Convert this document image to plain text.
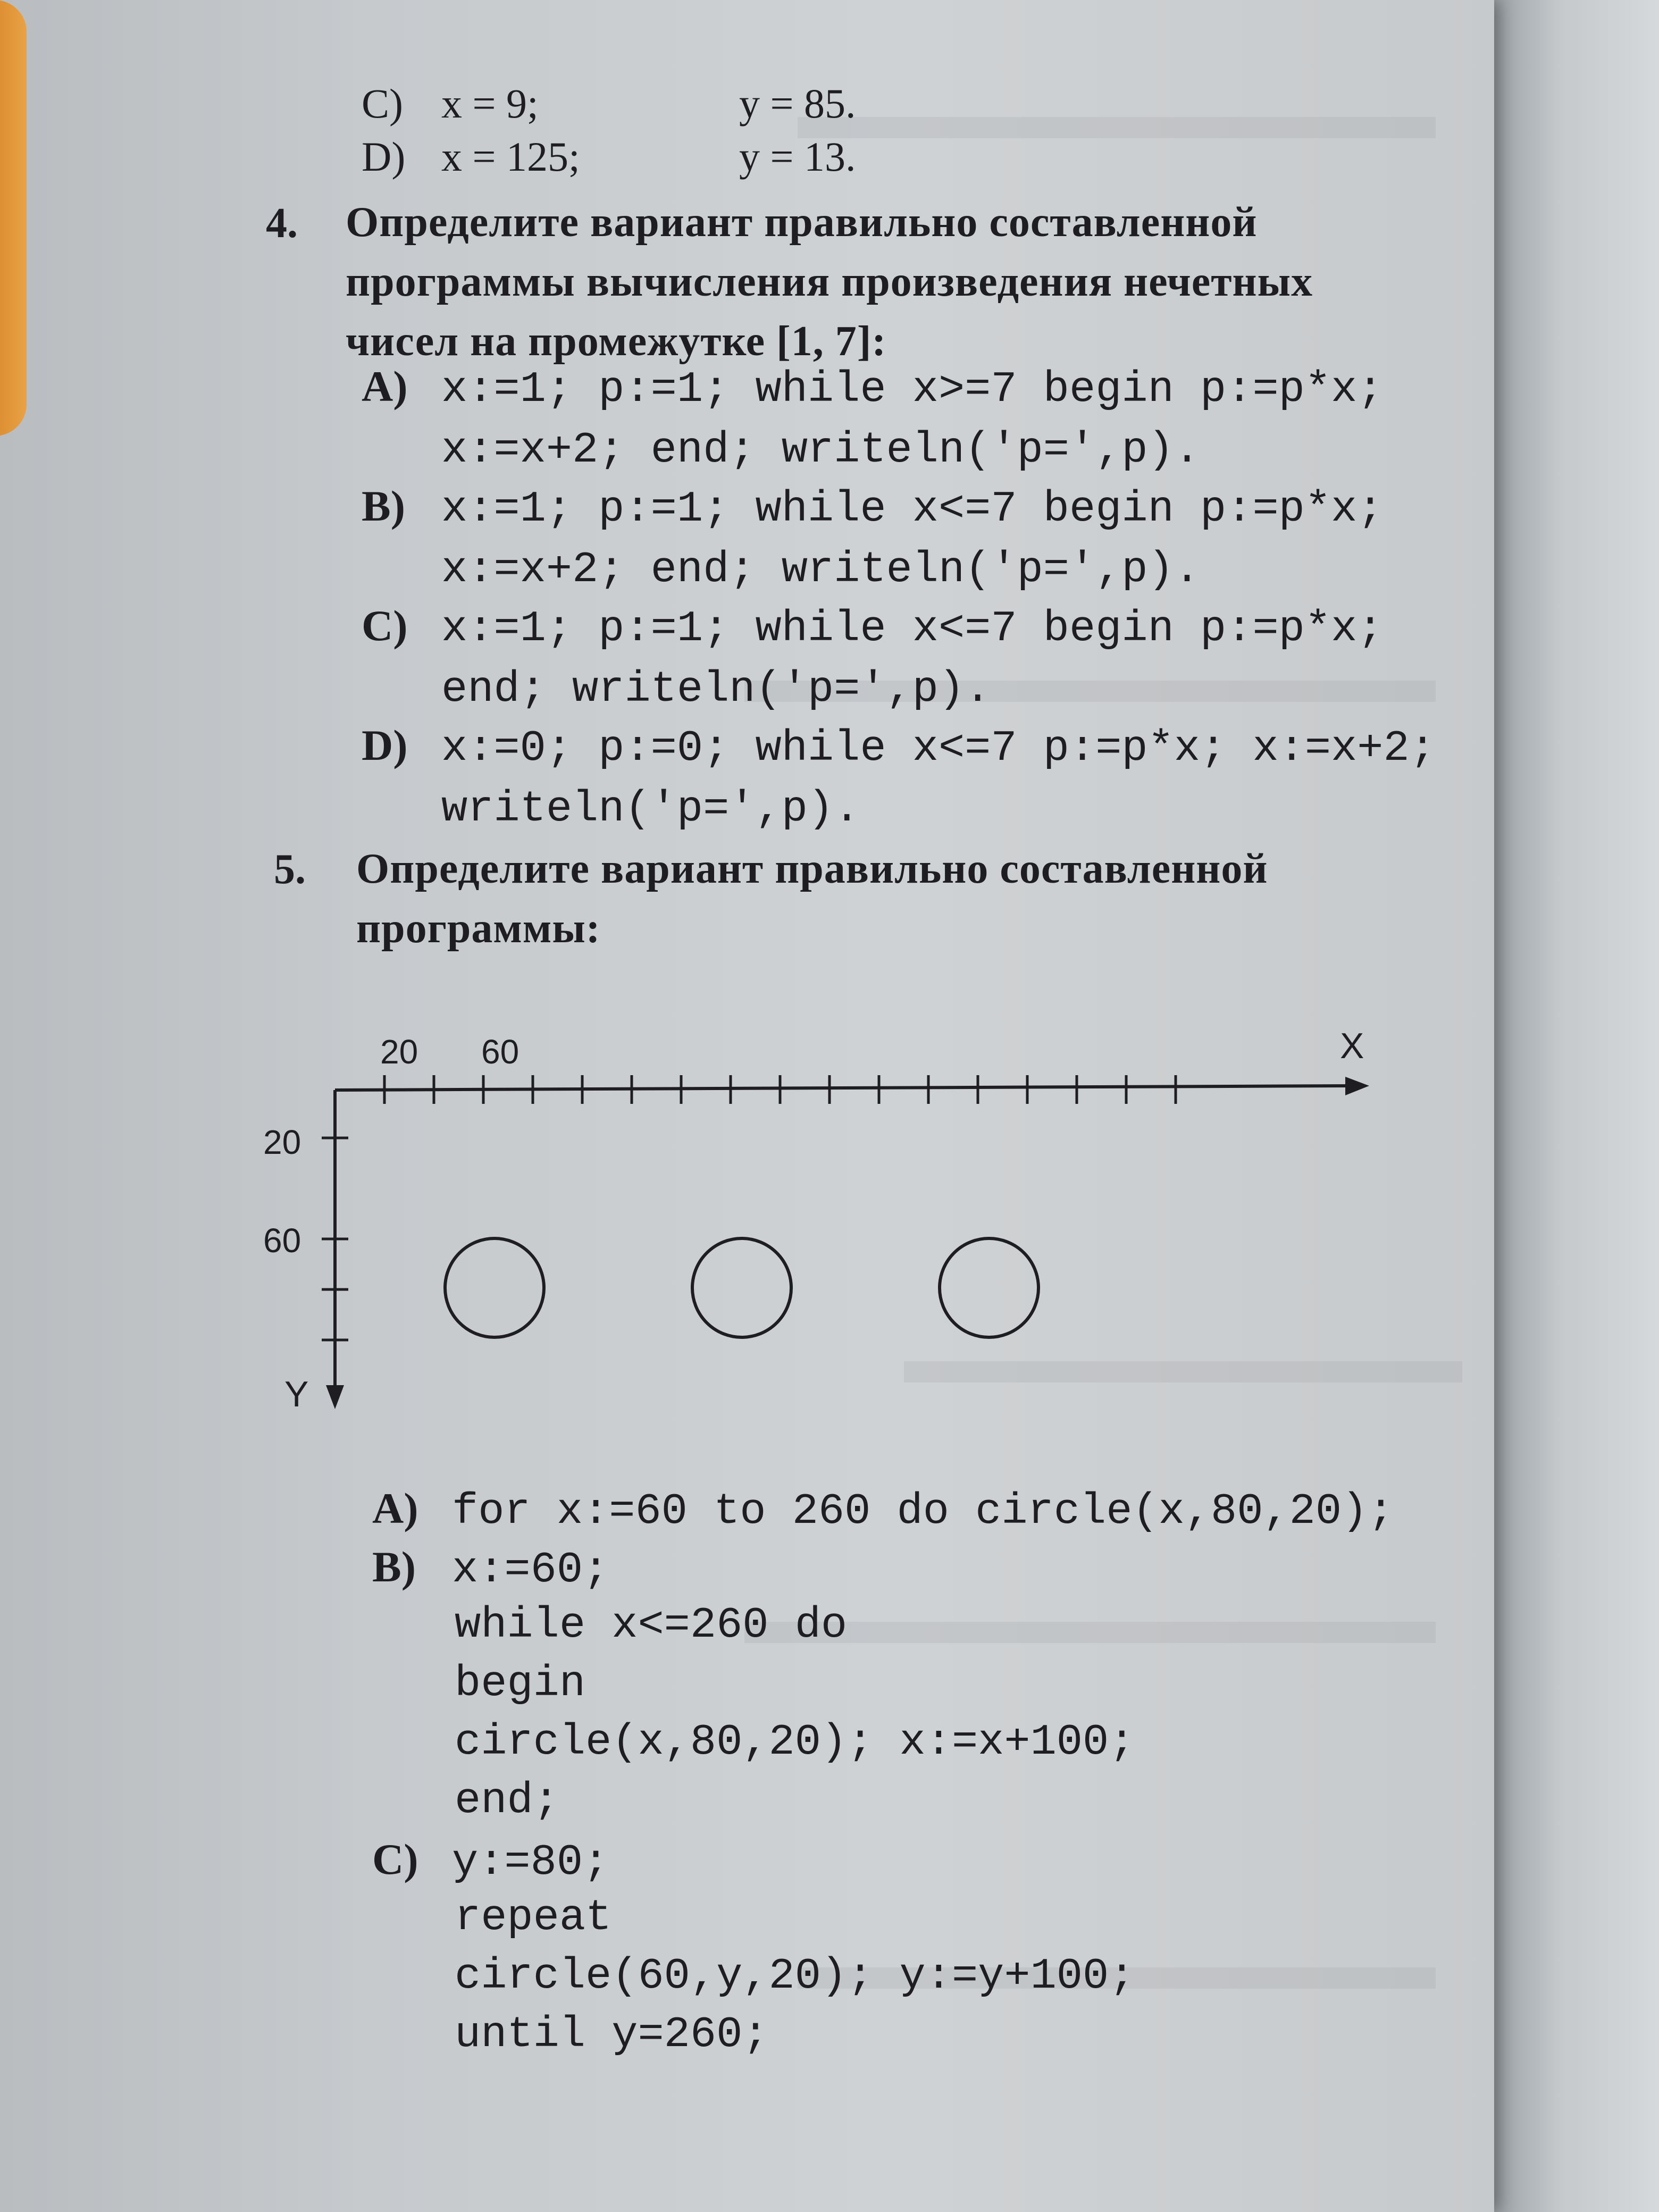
C) x = 9;	y = 85.
D) x = 125;	y = 13.
4. Определите вариант правильно составленной
программы вычисления произведения нечетных
чисел на промежутке [1, 7]:
A) x:=1; p:=1; while x>=7 begin p:=p*x;
x:=x+2; end; writeln('p=',p).
B) x:=1; p:=1; while x<=7 begin p:=p*x;
x:=x+2; end; writeln('p=',p).
C) x:=1; p:=1; while x<=7 begin p:=p*x;
end; writeln('p=',p).
D) x:=0; p:=0; while x<=7 p:=p*x; x:=x+2;
writeln('p=',p).
5. Определите вариант правильно составленной
программы:
20 60	X
20
60
Y
A) for x:=60 to 260 do circle(x,80,20);
B) x:=60;
while x<=260 do
begin
circle(x,80,20); x:=x+100;
end;
C) y:=80;
repeat
circle(60,y,20); y:=y+100;
until y=260;
